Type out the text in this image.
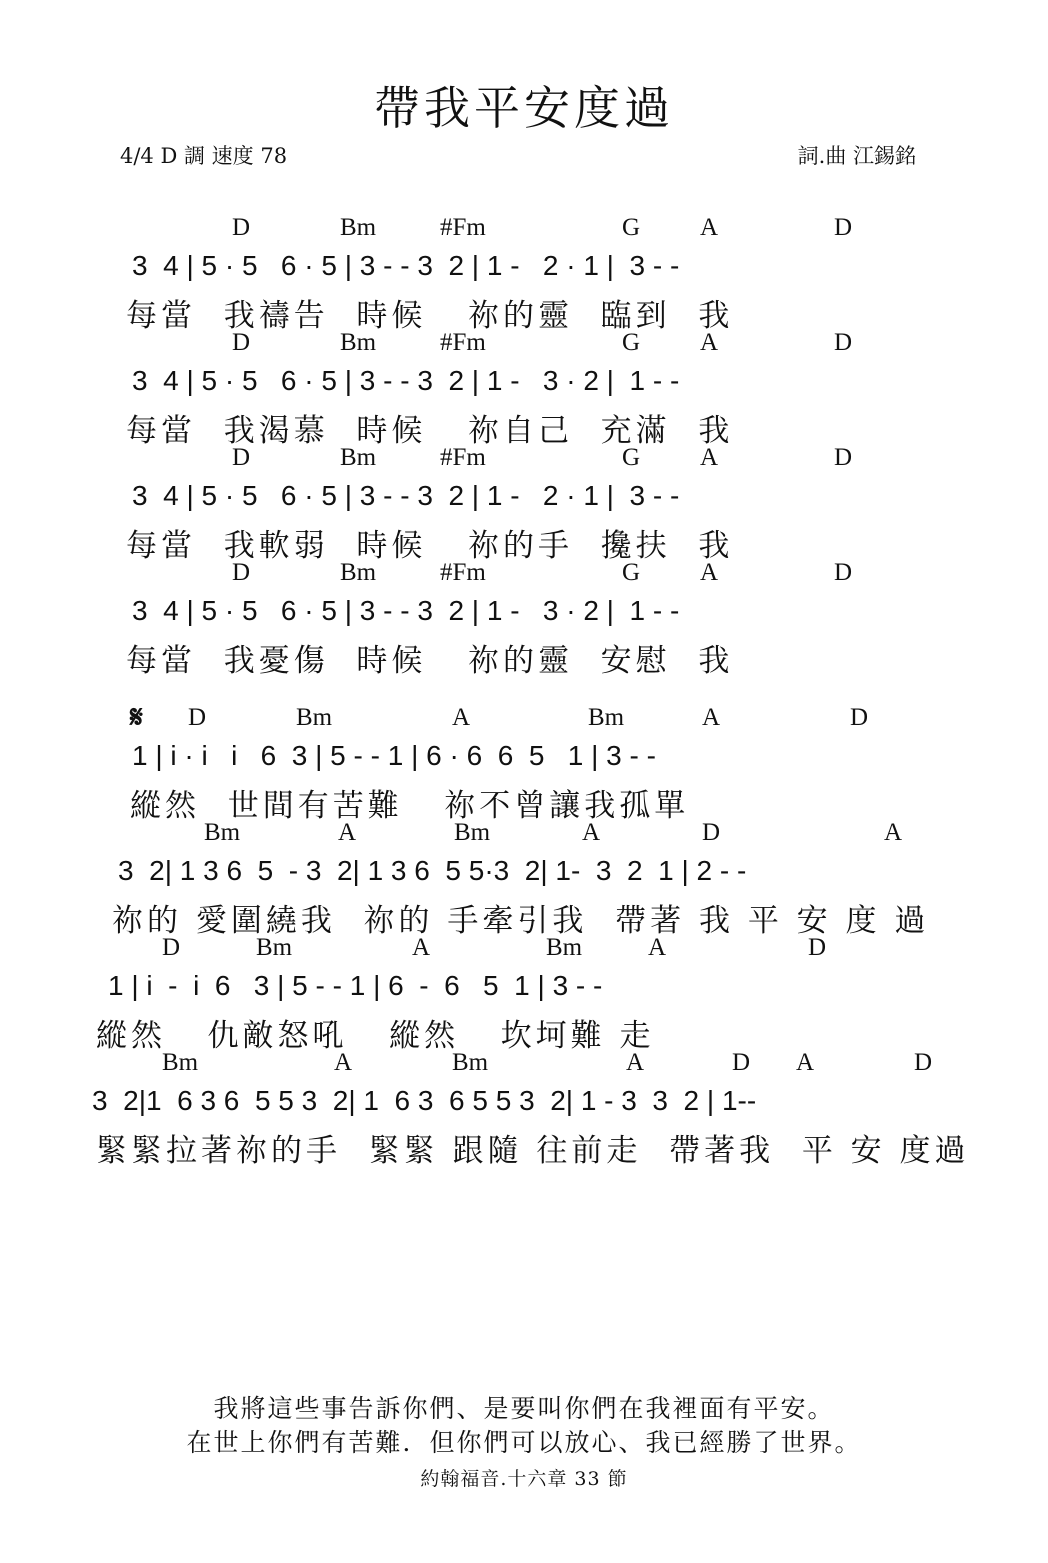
帶我平安度過
4/4 D 調 速度 78	詞.曲 江錫銘
D	Bm	#Fm	G A	D
3  4 | 5 · 5   6 · 5 | 3 - - 3  2 | 1 -   2 · 1 |  3 - -
每當  我禱告  時候   祢的靈  臨到  我
D	Bm	#Fm	G A	D
3  4 | 5 · 5   6 · 5 | 3 - - 3  2 | 1 -   3 · 2 |  1 - -
每當  我渴慕  時候   祢自己  充滿  我
D	Bm	#Fm	G A	D
3  4 | 5 · 5   6 · 5 | 3 - - 3  2 | 1 -   2 · 1 |  3 - -
每當  我軟弱  時候   祢的手  攙扶  我
D	Bm	#Fm	G A	D
3  4 | 5 · 5   6 · 5 | 3 - - 3  2 | 1 -   3 · 2 |  1 - -
每當  我憂傷  時候   祢的靈  安慰  我
𝄋 D	Bm	A	Bm	A	D
1 | i · i   i   6  3 | 5 - - 1 | 6 · 6  6  5   1 | 3 - -
縱然  世間有苦難   祢不曾讓我孤單
Bm	A	Bm	A	D	A
3  2| 1 3 6  5  - 3  2| 1 3 6  5 5·3  2| 1-  3  2  1 | 2 - -
祢的 愛圍繞我  祢的 手牽引我  帶著 我 平 安 度 過
D	Bm	A	Bm	A	D
1 | i  -  i  6   3 | 5 - - 1 | 6  -  6   5  1 | 3 - -
縱然   仇敵怒吼   縱然   坎坷難 走
Bm	A	Bm	A	D A	D
3  2|1  6 3 6  5 5 3  2| 1  6 3  6 5 5 3  2| 1 - 3  3  2 | 1--
緊緊拉著祢的手  緊緊 跟隨 往前走  帶著我  平 安 度過
我將這些事告訴你們、是要叫你們在我裡面有平安。
在世上你們有苦難．但你們可以放心、我已經勝了世界。
約翰福音.十六章 33 節
